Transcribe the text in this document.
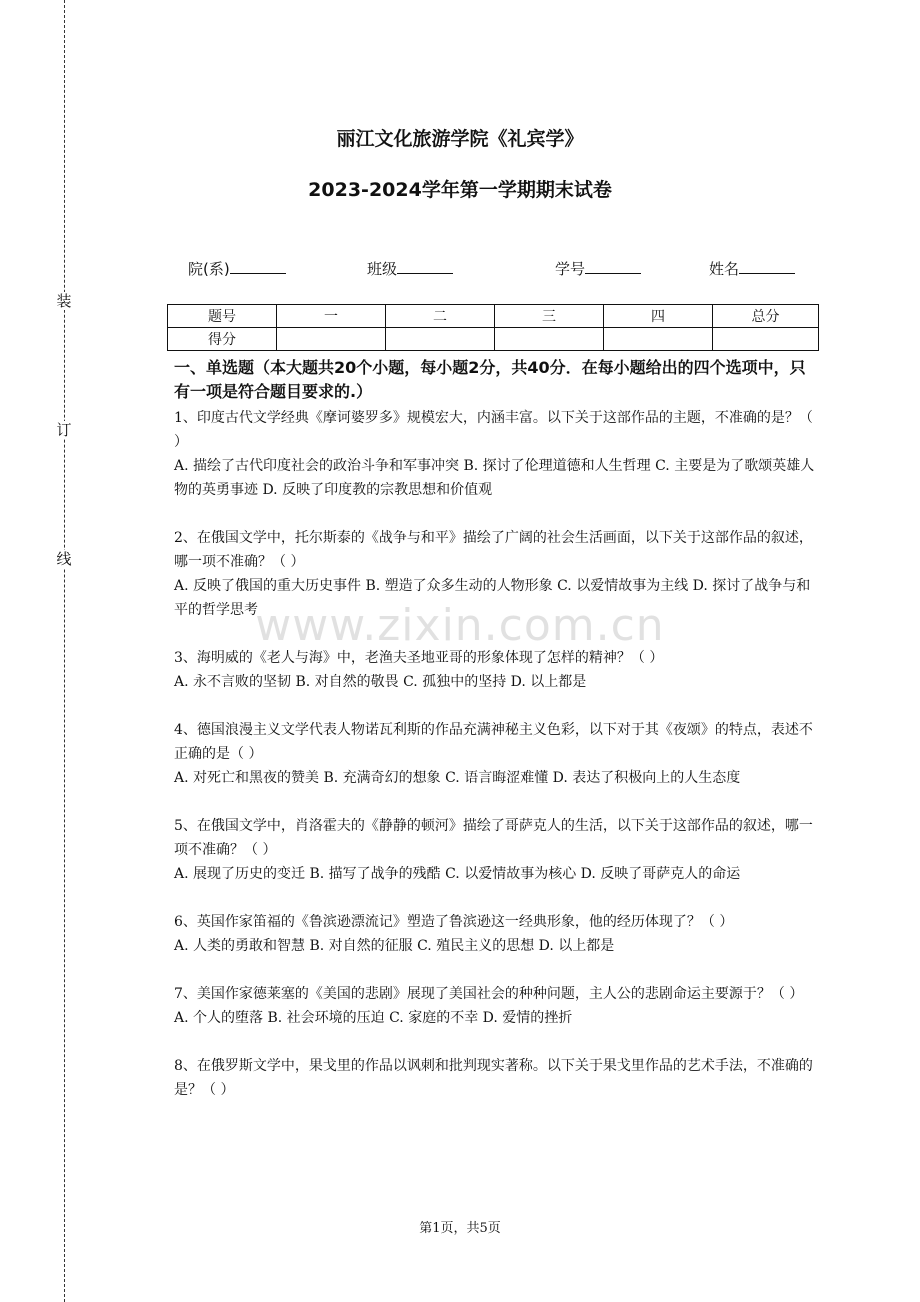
装
订
线
丽江文化旅游学院《礼宾学》
2023-2024学年第一学期期末试卷
院(系)	班级	学号	姓名
题号	一	二	三	四	总分
得分					
一、单选题（本大题共20个小题，每小题2分，共40分．在每小题给出的四个选项中，只有一项是符合题目要求的.）

1、印度古代文学经典《摩诃婆罗多》规模宏大，内涵丰富。以下关于这部作品的主题，不准确的是？（ ）

A. 描绘了古代印度社会的政治斗争和军事冲突 B. 探讨了伦理道德和人生哲理 C. 主要是为了歌颂英雄人物的英勇事迹 D. 反映了印度教的宗教思想和价值观

2、在俄国文学中，托尔斯泰的《战争与和平》描绘了广阔的社会生活画面，以下关于这部作品的叙述，哪一项不准确？（ ）

A. 反映了俄国的重大历史事件 B. 塑造了众多生动的人物形象 C. 以爱情故事为主线 D. 探讨了战争与和平的哲学思考

3、海明威的《老人与海》中，老渔夫圣地亚哥的形象体现了怎样的精神？（ ）

A. 永不言败的坚韧 B. 对自然的敬畏 C. 孤独中的坚持 D. 以上都是

4、德国浪漫主义文学代表人物诺瓦利斯的作品充满神秘主义色彩，以下对于其《夜颂》的特点，表述不正确的是（ ）

A. 对死亡和黑夜的赞美 B. 充满奇幻的想象 C. 语言晦涩难懂 D. 表达了积极向上的人生态度

5、在俄国文学中，肖洛霍夫的《静静的顿河》描绘了哥萨克人的生活，以下关于这部作品的叙述，哪一项不准确？（ ）

A. 展现了历史的变迁 B. 描写了战争的残酷 C. 以爱情故事为核心 D. 反映了哥萨克人的命运

6、英国作家笛福的《鲁滨逊漂流记》塑造了鲁滨逊这一经典形象，他的经历体现了？（ ）

A. 人类的勇敢和智慧 B. 对自然的征服 C. 殖民主义的思想 D. 以上都是

7、美国作家德莱塞的《美国的悲剧》展现了美国社会的种种问题，主人公的悲剧命运主要源于？（ ）

A. 个人的堕落 B. 社会环境的压迫 C. 家庭的不幸 D. 爱情的挫折

8、在俄罗斯文学中，果戈里的作品以讽刺和批判现实著称。以下关于果戈里作品的艺术手法，不准确的是？（ ）

www.zixin.com.cn
第1页，共5页
